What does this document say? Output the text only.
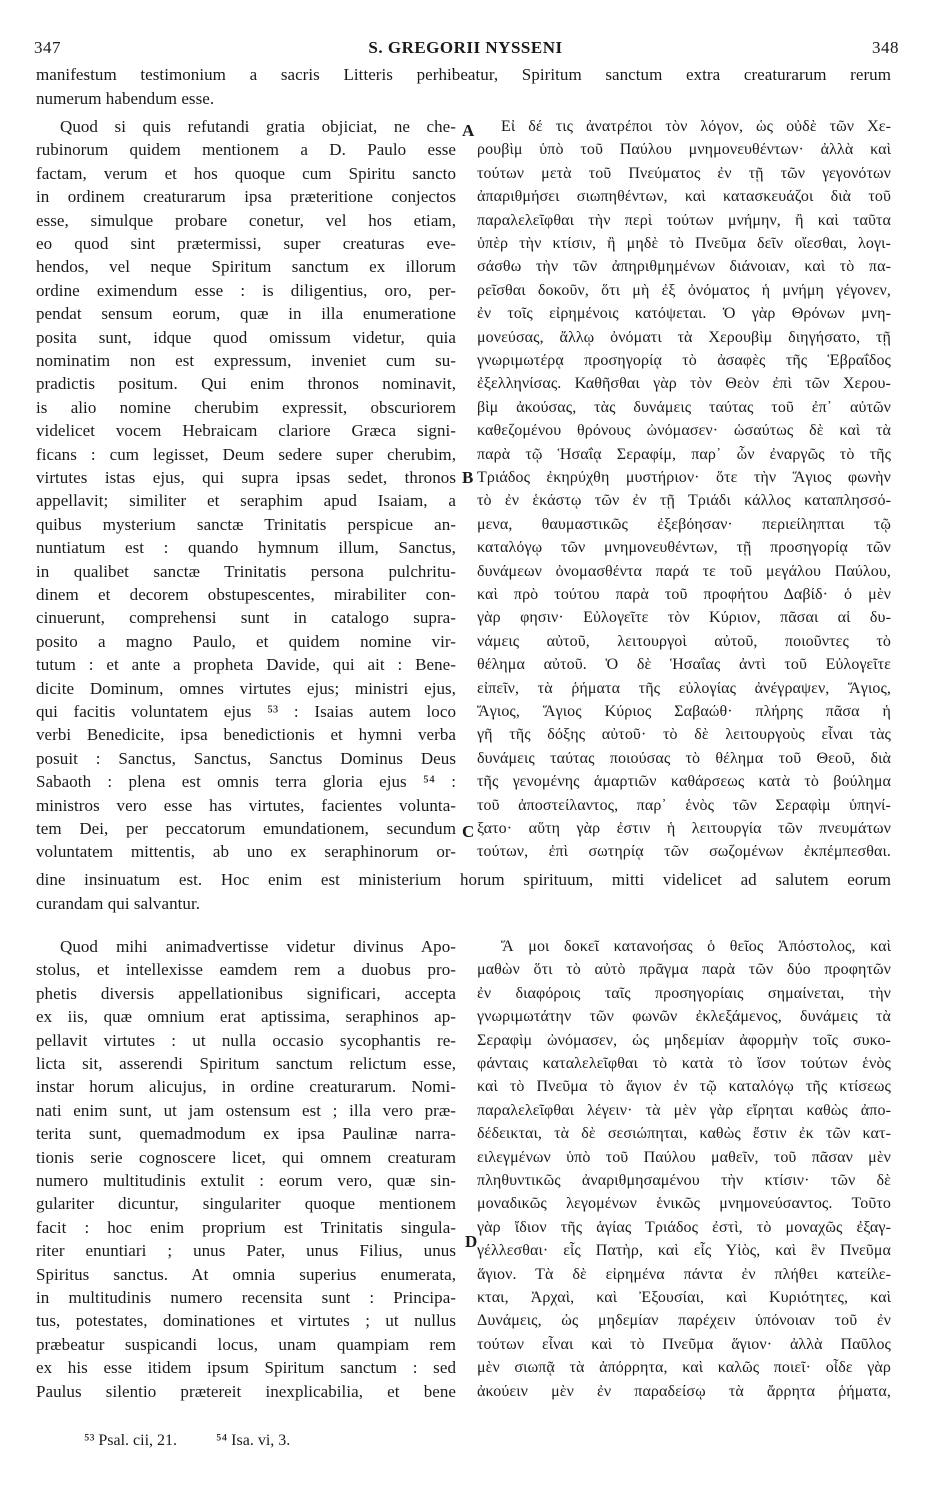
347	S. GREGORII NYSSENI	348
manifestum testimonium a sacris Litteris perhibeatur, Spiritum sanctum extra creaturarum rerum
numerum habendum esse.
Quod si quis refutandi gratia objiciat, ne che-
rubinorum quidem mentionem a D. Paulo esse
factam, verum et hos quoque cum Spiritu sancto
in ordinem creaturarum ipsa præteritione conjectos
esse, simulque probare conetur, vel hos etiam,
eo quod sint prætermissi, super creaturas eve-
hendos, vel neque Spiritum sanctum ex illorum
ordine eximendum esse : is diligentius, oro, per-
pendat sensum eorum, quæ in illa enumeratione
posita sunt, idque quod omissum videtur, quia
nominatim non est expressum, inveniet cum su-
pradictis positum. Qui enim thronos nominavit,
is alio nomine cherubim expressit, obscuriorem
videlicet vocem Hebraicam clariore Græca signi-
ficans : cum legisset, Deum sedere super cherubim,
virtutes istas ejus, qui supra ipsas sedet, thronos
appellavit; similiter et seraphim apud Isaiam, a
quibus mysterium sanctæ Trinitatis perspicue an-
nuntiatum est : quando hymnum illum, Sanctus,
in qualibet sanctæ Trinitatis persona pulchritu-
dinem et decorem obstupescentes, mirabiliter con-
cinuerunt, comprehensi sunt in catalogo supra-
posito a magno Paulo, et quidem nomine vir-
tutum : et ante a propheta Davide, qui ait : Bene-
dicite Dominum, omnes virtutes ejus; ministri ejus,
qui facitis voluntatem ejus ⁵³ : Isaias autem loco
verbi Benedicite, ipsa benedictionis et hymni verba
posuit : Sanctus, Sanctus, Sanctus Dominus Deus
Sabaoth : plena est omnis terra gloria ejus ⁵⁴ :
ministros vero esse has virtutes, facientes volunta-
tem Dei, per peccatorum emundationem, secundum
voluntatem mittentis, ab uno ex seraphinorum or-
Εἰ δέ τις ἀνατρέποι τὸν λόγον, ὡς οὐδὲ τῶν Χε-
ρουβὶμ ὑπὸ τοῦ Παύλου μνημονευθέντων· ἀλλὰ καὶ
τούτων μετὰ τοῦ Πνεύματος ἐν τῇ τῶν γεγονότων
ἀπαριθμήσει σιωπηθέντων, καὶ κατασκευάζοι διὰ τοῦ
παραλελεῖφθαι τὴν περὶ τούτων μνήμην, ἢ καὶ ταῦτα
ὑπὲρ τὴν κτίσιν, ἢ μηδὲ τὸ Πνεῦμα δεῖν οἴεσθαι, λογι-
σάσθω τὴν τῶν ἀπηριθμημένων διάνοιαν, καὶ τὸ πα-
ρεῖσθαι δοκοῦν, ὅτι μὴ ἐξ ὀνόματος ἡ μνήμη γέγονεν,
ἐν τοῖς εἰρημένοις κατόψεται. Ὁ γὰρ Θρόνων μνη-
μονεύσας, ἄλλῳ ὀνόματι τὰ Χερουβὶμ διηγήσατο, τῇ
γνωριμωτέρᾳ προσηγορίᾳ τὸ ἀσαφὲς τῆς Ἑβραΐδος
ἐξελληνίσας. Καθῆσθαι γὰρ τὸν Θεὸν ἐπὶ τῶν Χερου-
βὶμ ἀκούσας, τὰς δυνάμεις ταύτας τοῦ ἐπ᾽ αὐτῶν
καθεζομένου θρόνους ὠνόμασεν· ὡσαύτως δὲ καὶ τὰ
παρὰ τῷ Ἡσαΐᾳ Σεραφίμ, παρ᾽ ὧν ἐναργῶς τὸ τῆς
Τριάδος ἐκηρύχθη μυστήριον· ὅτε τὴν Ἅγιος φωνὴν
τὸ ἐν ἑκάστῳ τῶν ἐν τῇ Τριάδι κάλλος καταπλησσό-
μενα, θαυμαστικῶς ἐξεβόησαν· περιείληπται τῷ
καταλόγῳ τῶν μνημονευθέντων, τῇ προσηγορίᾳ τῶν
δυνάμεων ὀνομασθέντα παρά τε τοῦ μεγάλου Παύλου,
καὶ πρὸ τούτου παρὰ τοῦ προφήτου Δαβίδ· ὁ μὲν
γὰρ φησιν· Εὐλογεῖτε τὸν Κύριον, πᾶσαι αἱ δυ-
νάμεις αὐτοῦ, λειτουργοὶ αὐτοῦ, ποιοῦντες τὸ
θέλημα αὐτοῦ. Ὁ δὲ Ἡσαΐας ἀντὶ τοῦ Εὐλογεῖτε
εἰπεῖν, τὰ ῥήματα τῆς εὐλογίας ἀνέγραψεν, Ἅγιος,
Ἅγιος, Ἅγιος Κύριος Σαβαώθ· πλήρης πᾶσα ἡ
γῆ τῆς δόξης αὐτοῦ· τὸ δὲ λειτουργοὺς εἶναι τὰς
δυνάμεις ταύτας ποιούσας τὸ θέλημα τοῦ Θεοῦ, διὰ
τῆς γενομένης ἁμαρτιῶν καθάρσεως κατὰ τὸ βούλημα
τοῦ ἀποστείλαντος, παρ᾽ ἑνὸς τῶν Σεραφὶμ ὑπηνί-
ξατο· αὕτη γὰρ ἐστιν ἡ λειτουργία τῶν πνευμάτων
τούτων, ἐπὶ σωτηρίᾳ τῶν σωζομένων ἐκπέμπεσθαι.
dine insinuatum est. Hoc enim est ministerium horum spirituum, mitti videlicet ad salutem eorum
curandam qui salvantur.
Quod mihi animadvertisse videtur divinus Apo-
stolus, et intellexisse eamdem rem a duobus pro-
phetis diversis appellationibus significari, accepta
ex iis, quæ omnium erat aptissima, seraphinos ap-
pellavit virtutes : ut nulla occasio sycophantis re-
licta sit, asserendi Spiritum sanctum relictum esse,
instar horum alicujus, in ordine creaturarum. Nomi-
nati enim sunt, ut jam ostensum est ; illa vero præ-
terita sunt, quemadmodum ex ipsa Paulinæ narra-
tionis serie cognoscere licet, qui omnem creaturam
numero multitudinis extulit : eorum vero, quæ sin-
gulariter dicuntur, singulariter quoque mentionem
facit : hoc enim proprium est Trinitatis singula-
riter enuntiari ; unus Pater, unus Filius, unus
Spiritus sanctus. At omnia superius enumerata,
in multitudinis numero recensita sunt : Principa-
tus, potestates, dominationes et virtutes ; ut nullus
præbeatur suspicandi locus, unam quampiam rem
ex his esse itidem ipsum Spiritum sanctum : sed
Paulus silentio prætereit inexplicabilia, et bene
Ἅ μοι δοκεῖ κατανοήσας ὁ θεῖος Ἀπόστολος, καὶ
μαθὼν ὅτι τὸ αὐτὸ πρᾶγμα παρὰ τῶν δύο προφητῶν
ἐν διαφόροις ταῖς προσηγορίαις σημαίνεται, τὴν
γνωριμωτάτην τῶν φωνῶν ἐκλεξάμενος, δυνάμεις τὰ
Σεραφὶμ ὠνόμασεν, ὡς μηδεμίαν ἀφορμὴν τοῖς συκο-
φάνταις καταλελεῖφθαι τὸ κατὰ τὸ ἴσον τούτων ἑνὸς
καὶ τὸ Πνεῦμα τὸ ἅγιον ἐν τῷ καταλόγῳ τῆς κτίσεως
παραλελεῖφθαι λέγειν· τὰ μὲν γὰρ εἴρηται καθὼς ἀπο-
δέδεικται, τὰ δὲ σεσιώπηται, καθὼς ἔστιν ἐκ τῶν κατ-
ειλεγμένων ὑπὸ τοῦ Παύλου μαθεῖν, τοῦ πᾶσαν μὲν
πληθυντικῶς ἀναριθμησαμένου τὴν κτίσιν· τῶν δὲ
μοναδικῶς λεγομένων ἑνικῶς μνημονεύσαντος. Τοῦτο
γὰρ ἴδιον τῆς ἁγίας Τριάδος ἐστὶ, τὸ μοναχῶς ἐξαγ-
γέλλεσθαι· εἷς Πατὴρ, καὶ εἷς Υἱὸς, καὶ ἓν Πνεῦμα
ἅγιον. Τὰ δὲ εἰρημένα πάντα ἐν πλήθει κατείλε-
κται, Ἀρχαὶ, καὶ Ἐξουσίαι, καὶ Κυριότητες, καὶ
Δυνάμεις, ὡς μηδεμίαν παρέχειν ὑπόνοιαν τοῦ ἐν
τούτων εἶναι καὶ τὸ Πνεῦμα ἅγιον· ἀλλὰ Παῦλος
μὲν σιωπᾷ τὰ ἀπόρρητα, καὶ καλῶς ποιεῖ· οἶδε γὰρ
ἀκούειν μὲν ἐν παραδείσῳ τὰ ἄρρητα ῥήματα,
A
B
C
D
⁵³ Psal. cii, 21. ⁵⁴ Isa. vi, 3.
